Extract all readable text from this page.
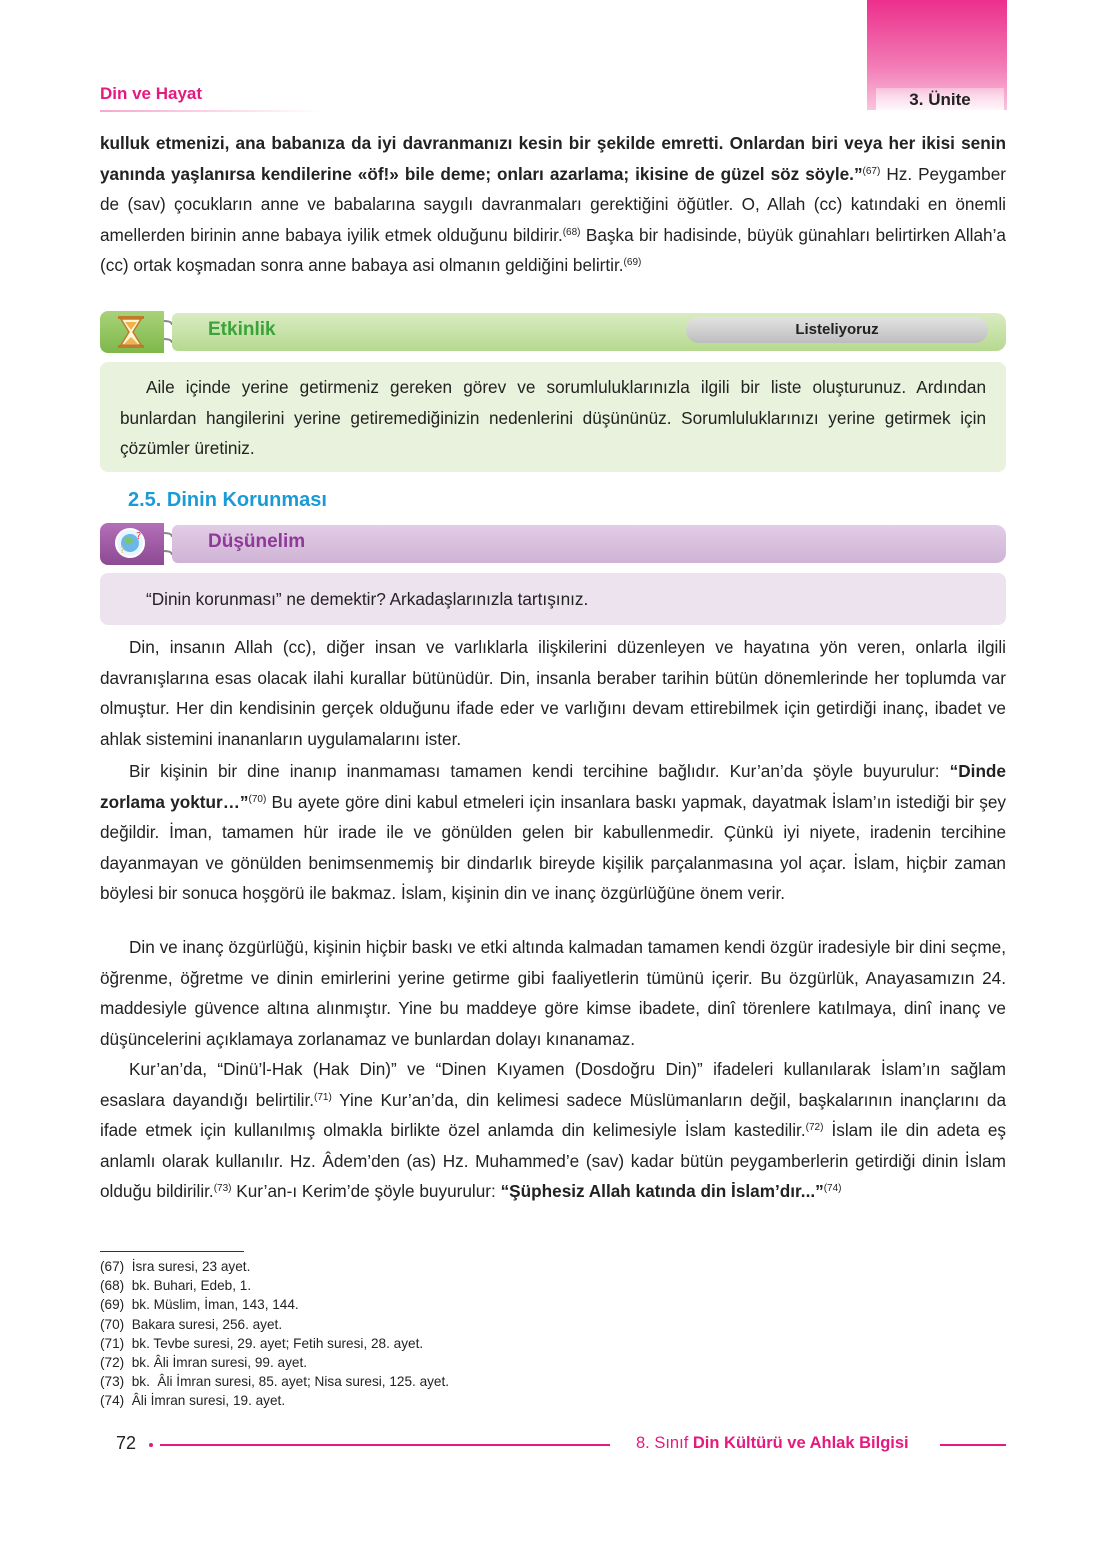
Din ve Hayat	3. Ünite

kulluk etmenizi, ana babanıza da iyi davranmanızı kesin bir şekilde emretti. Onlardan biri veya her ikisi senin yanında yaşlanırsa kendilerine «öf!» bile deme; onları azarlama; ikisine de güzel söz söyle.”$^{(67)}$ Hz. Peygamber de (sav) çocukların anne ve babalarına saygılı davranmaları gerektiğini öğütler. O, Allah (cc) katındaki en önemli amellerden birinin anne babaya iyilik etmek olduğunu bildirir.$^{(68)}$ Başka bir hadisinde, büyük günahları belirtirken Allah’a (cc) ortak koşmadan sonra anne babaya asi olmanın geldiğini belirtir.$^{(69)}$

Etkinlik	Listeliyoruz

Aile içinde yerine getirmeniz gereken görev ve sorumluluklarınızla ilgili bir liste oluşturunuz. Ardından bunlardan hangilerini yerine getiremediğinizin nedenlerini düşününüz. Sorumluluklarınızı yerine getirmek için çözümler üretiniz.

2.5. Dinin Korunması
?
?	Düşünelim

“Dinin korunması” ne demektir? Arkadaşlarınızla tartışınız.

Din, insanın Allah (cc), diğer insan ve varlıklarla ilişkilerini düzenleyen ve hayatına yön veren, onlarla ilgili davranışlarına esas olacak ilahi kurallar bütünüdür. Din, insanla beraber tarihin bütün dönemlerinde her toplumda var olmuştur. Her din kendisinin gerçek olduğunu ifade eder ve varlığını devam ettirebilmek için getirdiği inanç, ibadet ve ahlak sistemini inananların uygulamalarını ister.

Bir kişinin bir dine inanıp inanmaması tamamen kendi tercihine bağlıdır. Kur’an’da şöyle buyurulur: “Dinde zorlama yoktur…”$^{(70)}$ Bu ayete göre dini kabul etmeleri için insanlara baskı yapmak, dayatmak İslam’ın istediği bir şey değildir. İman, tamamen hür irade ile ve gönülden gelen bir kabullenmedir. Çünkü iyi niyete, iradenin tercihine dayanmayan ve gönülden benimsenmemiş bir dindarlık bireyde kişilik parçalanmasına yol açar. İslam, hiçbir zaman böylesi bir sonuca hoşgörü ile bakmaz. İslam, kişinin din ve inanç özgürlüğüne önem verir.

Din ve inanç özgürlüğü, kişinin hiçbir baskı ve etki altında kalmadan tamamen kendi özgür iradesiyle bir dini seçme, öğrenme, öğretme ve dinin emirlerini yerine getirme gibi faaliyetlerin tümünü içerir. Bu özgürlük, Anayasamızın 24. maddesiyle güvence altına alınmıştır. Yine bu maddeye göre kimse ibadete, dinî törenlere katılmaya, dinî inanç ve düşüncelerini açıklamaya zorlanamaz ve bunlardan dolayı kınanamaz.

Kur’an’da, “Dinü’l-Hak (Hak Din)” ve “Dinen Kıyamen (Dosdoğru Din)” ifadeleri kullanılarak İslam’ın sağlam esaslara dayandığı belirtilir.$^{(71)}$ Yine Kur’an’da, din kelimesi sadece Müslümanların değil, başkalarının inançlarını da ifade etmek için kullanılmış olmakla birlikte özel anlamda din kelimesiyle İslam kastedilir.$^{(72)}$ İslam ile din adeta eş anlamlı olarak kullanılır. Hz. Âdem’den (as) Hz. Muhammed’e (sav) kadar bütün peygamberlerin getirdiği dinin İslam olduğu bildirilir.$^{(73)}$ Kur’an-ı Kerim’de şöyle buyurulur: “Şüphesiz Allah katında din İslam’dır...”$^{(74)}$

(67)  İsra suresi, 23 ayet.
(68)  bk. Buhari, Edeb, 1.
(69)  bk. Müslim, İman, 143, 144.
(70)  Bakara suresi, 256. ayet.
(71)  bk. Tevbe suresi, 29. ayet; Fetih suresi, 28. ayet.
(72)  bk. Âli İmran suresi, 99. ayet.
(73)  bk.  Âli İmran suresi, 85. ayet; Nisa suresi, 125. ayet.
(74)  Âli İmran suresi, 19. ayet.
72	8. Sınıf Din Kültürü ve Ahlak Bilgisi
